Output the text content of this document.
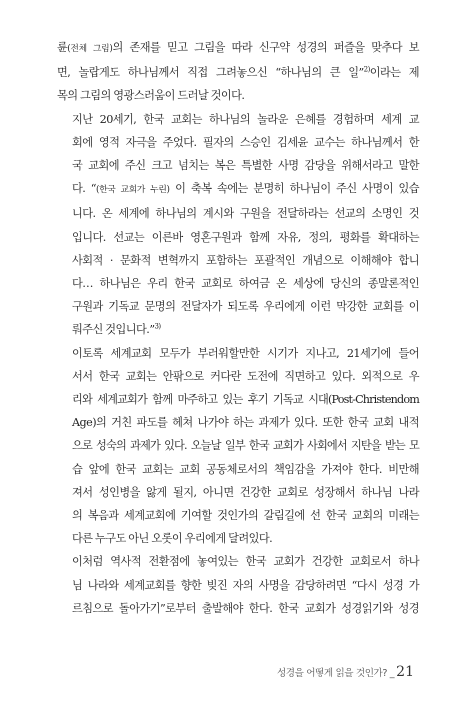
륜(전체 그림)의 존재를 믿고 그림을 따라 신구약 성경의 퍼즐을 맞추다 보
면, 놀랍게도 하나님께서 직접 그려놓으신 “하나님의 큰 일”$^{2)}$이라는 제
목의 그림의 영광스러움이 드러날 것이다.

지난 20세기, 한국 교회는 하나님의 놀라운 은혜를 경험하며 세계 교
회에 영적 자극을 주었다. 필자의 스승인 김세윤 교수는 하나님께서 한
국 교회에 주신 크고 넘치는 복은 특별한 사명 감당을 위해서라고 말한
다. “(한국 교회가 누린) 이 축복 속에는 분명히 하나님이 주신 사명이 있습
니다. 온 세계에 하나님의 계시와 구원을 전달하라는 선교의 소명인 것
입니다. 선교는 이른바 영혼구원과 함께 자유, 정의, 평화를 확대하는
사회적 · 문화적 변혁까지 포함하는 포괄적인 개념으로 이해해야 합니
다… 하나님은 우리 한국 교회로 하여금 온 세상에 당신의 종말론적인
구원과 기독교 문명의 전달자가 되도록 우리에게 이런 막강한 교회를 이
뤄주신 것입니다.”$^{3)}$

이토록 세계교회 모두가 부러워할만한 시기가 지나고, 21세기에 들어
서서 한국 교회는 안팎으로 커다란 도전에 직면하고 있다. 외적으로 우
리와 세계교회가 함께 마주하고 있는 후기 기독교 시대(Post-Christendom
Age)의 거친 파도를 헤쳐 나가야 하는 과제가 있다. 또한 한국 교회 내적
으로 성숙의 과제가 있다. 오늘날 일부 한국 교회가 사회에서 지탄을 받는 모
습 앞에 한국 교회는 교회 공동체로서의 책임감을 가져야 한다. 비만해
져서 성인병을 앓게 될지, 아니면 건강한 교회로 성장해서 하나님 나라
의 복음과 세계교회에 기여할 것인가의 갈림길에 선 한국 교회의 미래는
다른 누구도 아닌 오롯이 우리에게 달려있다.

이처럼 역사적 전환점에 놓여있는 한국 교회가 건강한 교회로서 하나
님 나라와 세계교회를 향한 빚진 자의 사명을 감당하려면 “다시 성경 가
르침으로 돌아가기”로부터 출발해야 한다. 한국 교회가 성경읽기와 성경

성경을 어떻게 읽을 것인가? _ 21
